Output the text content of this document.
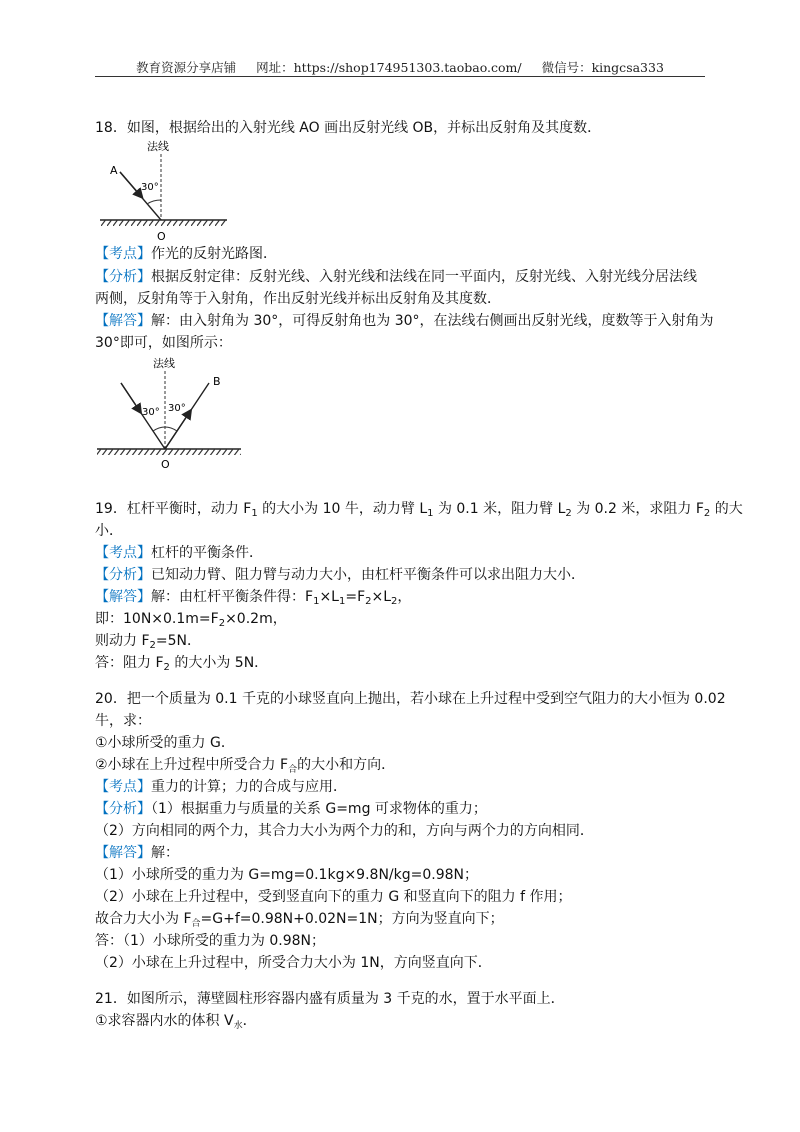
教育资源分享店铺 网址：https://shop174951303.taobao.com/ 微信号：kingcsa333
18．如图，根据给出的入射光线 AO 画出反射光线 OB，并标出反射角及其度数．
法线
A
30°
O
【考点】作光的反射光路图．
【分析】根据反射定律：反射光线、入射光线和法线在同一平面内，反射光线、入射光线分居法线
两侧，反射角等于入射角，作出反射光线并标出反射角及其度数．
【解答】解：由入射角为 30°，可得反射角也为 30°，在法线右侧画出反射光线，度数等于入射角为
30°即可，如图所示：
法线
B
30° 30°
O
19．杠杆平衡时，动力 $F_1$ 的大小为 10 牛，动力臂 $L_1$ 为 0.1 米，阻力臂 $L_2$ 为 0.2 米，求阻力 $F_2$ 的大
小．
【考点】杠杆的平衡条件．
【分析】已知动力臂、阻力臂与动力大小，由杠杆平衡条件可以求出阻力大小．
【解答】解：由杠杆平衡条件得：$F_1\times L_1=F_2\times L_2$，
即：$10N\times 0.1m=F_2\times 0.2m$，
则动力 $F_2=5N$．
答：阻力 $F_2$ 的大小为 5N．
20．把一个质量为 0.1 千克的小球竖直向上抛出，若小球在上升过程中受到空气阻力的大小恒为 0.02
牛，求：
①小球所受的重力 G．
②小球在上升过程中所受合力 $F_合$的大小和方向．
【考点】重力的计算；力的合成与应用．
【分析】（1）根据重力与质量的关系 G=mg 可求物体的重力；
（2）方向相同的两个力，其合力大小为两个力的和，方向与两个力的方向相同．
【解答】解：
（1）小球所受的重力为 G=mg=0.1kg×9.8N/kg=0.98N；
（2）小球在上升过程中，受到竖直向下的重力 G 和竖直向下的阻力 f 作用；
故合力大小为 $F_合=G+f=0.98N+0.02N=1N$；方向为竖直向下；
答：（1）小球所受的重力为 0.98N；
（2）小球在上升过程中，所受合力大小为 1N，方向竖直向下．
21．如图所示，薄壁圆柱形容器内盛有质量为 3 千克的水，置于水平面上．
①求容器内水的体积 $V_水$．
